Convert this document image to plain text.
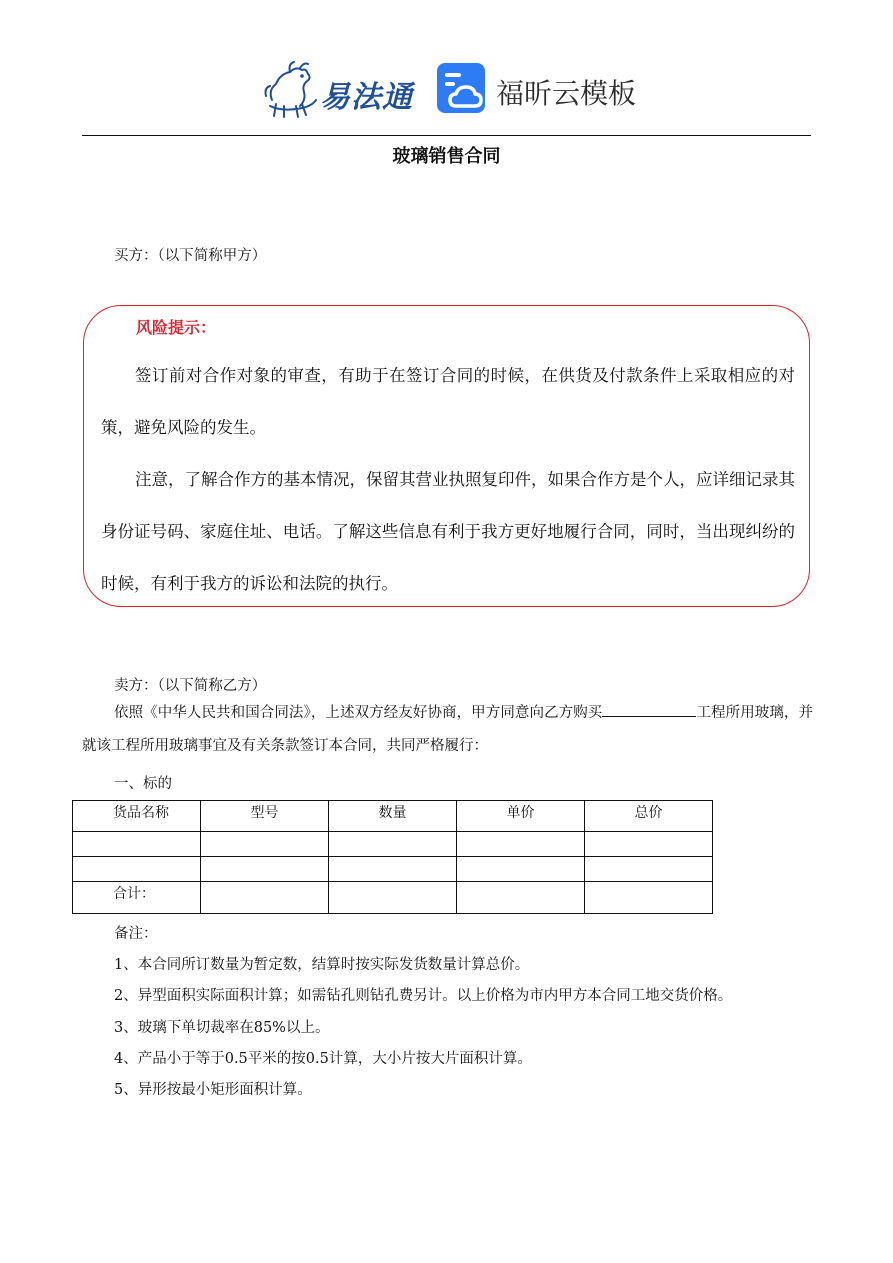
易法通	福昕云模板
玻璃销售合同
买方：（以下简称甲方）
风险提示：

签订前对合作对象的审查，有助于在签订合同的时候，在供货及付款条件上采取相应的对策，避免风险的发生。

注意，了解合作方的基本情况，保留其营业执照复印件，如果合作方是个人，应详细记录其身份证号码、家庭住址、电话。了解这些信息有利于我方更好地履行合同，同时，当出现纠纷的时候，有利于我方的诉讼和法院的执行。

卖方：（以下简称乙方）

依照《中华人民共和国合同法》，上述双方经友好协商，甲方同意向乙方购买	工程所用玻璃，并就该工程所用玻璃事宜及有关条款签订本合同，共同严格履行：

一、标的
货品名称	型号	数量	单价	总价

合计：				
备注：
1、本合同所订数量为暂定数，结算时按实际发货数量计算总价。
2、异型面积实际面积计算；如需钻孔则钻孔费另计。以上价格为市内甲方本合同工地交货价格。
3、玻璃下单切裁率在85%以上。
4、产品小于等于0.5平米的按0.5计算，大小片按大片面积计算。
5、异形按最小矩形面积计算。
